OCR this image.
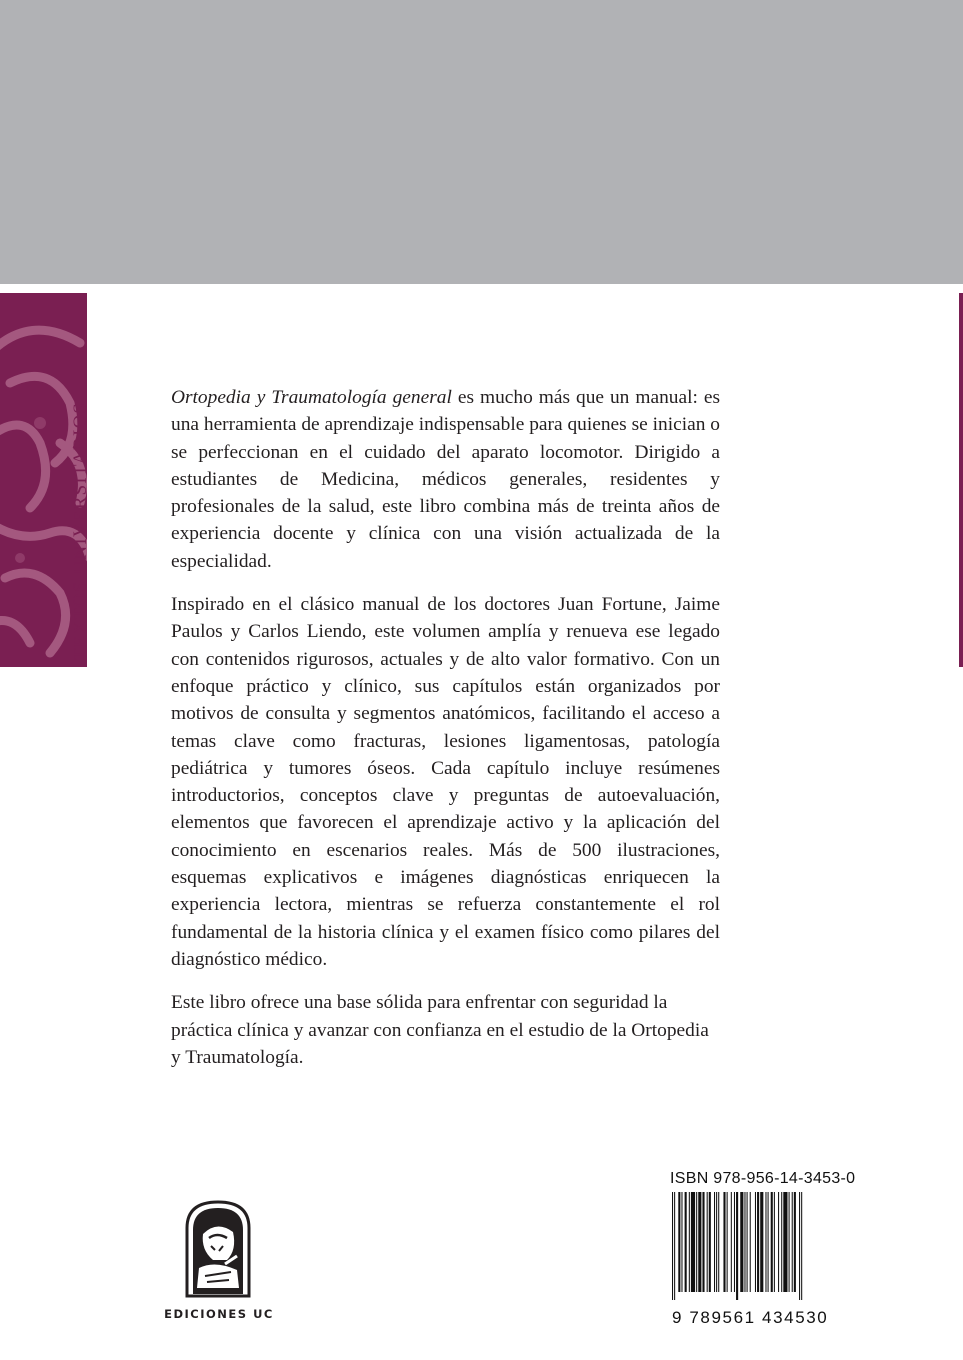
TEXTOS UNIVERSITARIOS

Ortopedia y Traumatología general es mucho más que un manual: es una herramienta de aprendizaje indispensable para quienes se inician o se perfeccionan en el cuidado del aparato locomotor. Dirigido a estudiantes de Medicina, médicos generales, residentes y profesionales de la salud, este libro combina más de treinta años de experiencia docente y clínica con una visión actualizada de la especialidad.

Inspirado en el clásico manual de los doctores Juan Fortune, Jaime Paulos y Carlos Liendo, este volumen amplía y renueva ese legado con contenidos rigurosos, actuales y de alto valor formativo. Con un enfoque práctico y clínico, sus capítulos están organizados por motivos de consulta y segmentos anatómicos, facilitando el acceso a temas clave como fracturas, lesiones ligamentosas, patología pediátrica y tumores óseos. Cada capítulo incluye resúmenes introductorios, conceptos clave y preguntas de autoevaluación, elementos que favorecen el aprendizaje activo y la aplicación del conocimiento en escenarios reales. Más de 500 ilustraciones, esquemas explicativos e imágenes diagnósticas enriquecen la experiencia lectora, mientras se refuerza constantemente el rol fundamental de la historia clínica y el examen físico como pilares del diagnóstico médico.

Este libro ofrece una base sólida para enfrentar con seguridad la práctica clínica y avanzar con confianza en el estudio de la Ortopedia y Traumatología.

EDICIONES UC
ISBN 978-956-14-3453-0
9 789561 434530
